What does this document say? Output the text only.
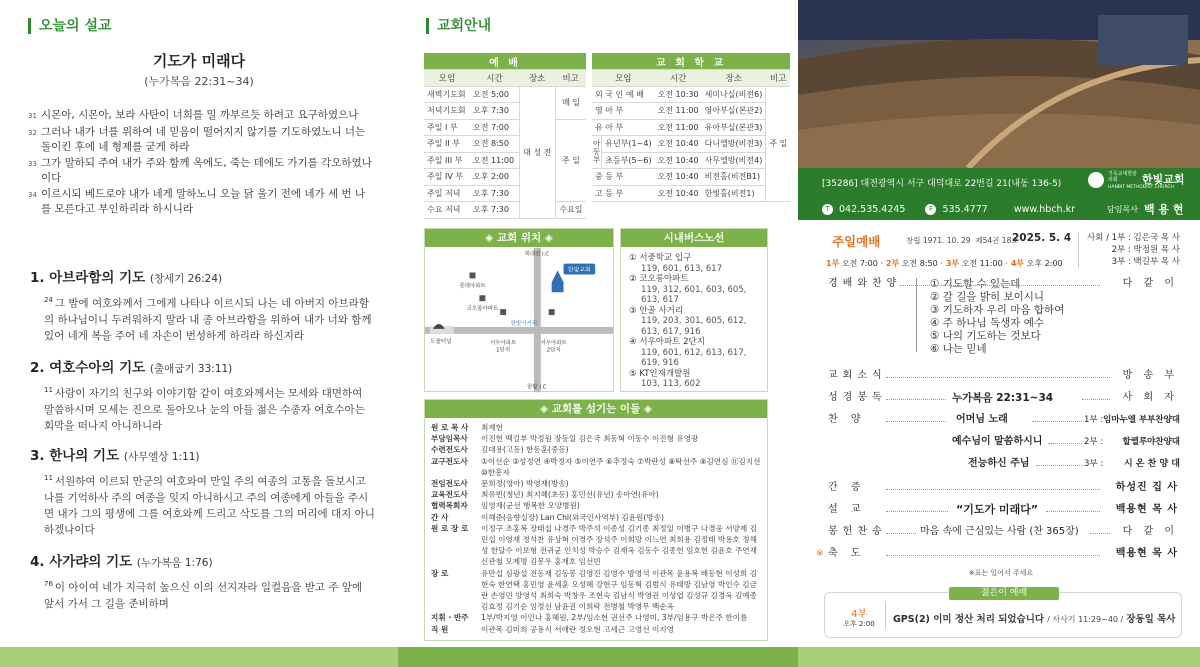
오늘의 설교
기도가 미래다
(누가복음 22:31~34)
31 시몬아, 시몬아, 보라 사탄이 너희를 밀 까부르듯 하려고 요구하였으나
32 그러나 내가 너를 위하여 네 믿음이 떨어지지 않기를 기도하였노니 너는 돌이킨 후에 네 형제를 굳게 하라
33 그가 말하되 주여 내가 주와 함께 옥에도, 죽는 데에도 가기를 각오하였나이다
34 이르시되 베드로야 내가 네게 말하노니 오늘 닭 울기 전에 네가 세 번 나를 모른다고 부인하리라 하시니라
1. 아브라함의 기도 (창세기 26:24)
$^{24}$ 그 밤에 여호와께서 그에게 나타나 이르시되 나는 네 아버지 아브라함의 하나님이니 두려워하지 말라 내 종 아브라함을 위하여 내가 너와 함께 있어 네게 복을 주어 네 자손이 번성하게 하리라 하신지라
2. 여호수아의 기도 (출애굽기 33:11)
$^{11}$ 사람이 자기의 친구와 이야기함 같이 여호와께서는 모세와 대면하여 말씀하시며 모세는 진으로 돌아오나 눈의 아들 젊은 수종자 여호수아는 회막을 떠나지 아니하니라
3. 한나의 기도 (사무엘상 1:11)
$^{11}$ 서원하여 이르되 만군의 여호와여 만일 주의 여종의 고통을 돌보시고 나를 기억하사 주의 여종을 잊지 아니하시고 주의 여종에게 아들을 주시면 내가 그의 평생에 그를 여호와께 드리고 삭도를 그의 머리에 대지 아니하겠나이다
4. 사가랴의 기도 (누가복음 1:76)
$^{76}$ 이 아이여 네가 지극히 높으신 이의 선지자라 일컬음을 받고 주 앞에 앞서 가서 그 길을 준비하며
교회안내
예 배			
모임	시간	장소	비고
새벽기도회	오전 5:00	대 성 전	매 일
저녁기도회	오후 7:30		
주일 I 부	오전 7:00		주 일
주일 II 부	오전 8:50		
주일 III 부	오전 11:00		
주일 IV 부	오후 2:00		
주일 저녁	오후 7:30		
수요 저녁	오후 7:30		수요일
교 회 학 교				
모임		시간	장소	비고
외 국 인 예 배		오전 10:30	세미나실(비전6)	주 일
영 아 부		오전 11:00	영아부실(본관2)	
유 아 부		오전 11:00	유아부실(본관3)	
아동부	유년부(1~4)	오전 10:40	다니엘방(비전3)	
	초등부(5~6)	오전 10:40	사무엘방(비전4)	
중 등 부		오전 10:40	비전홀(비전B1)	
고 등 부		오전 10:40	한빛홀(비전1)	
◈ 교회 위치 ◈
한빛교회
북대전 I.C
한밭 I.C
롯데아파트
코오롱아파트
서우아파트 1단지
서우아파트 2단지
도솔터널
한밭사거리
시내버스노선
① 서중학교 입구
119, 601, 613, 617
② 코오롱아파트
119, 312, 601, 603, 605, 613, 617
③ 안골 사거리
119, 203, 301, 605, 612, 613, 617, 916
④ 서우아파트 2단지
119, 601, 612, 613, 617, 619, 916
⑤ KT인재개발원
103, 113, 602
◈ 교회를 섬기는 이들 ◈
원 로 목 사	최재헌
부담임목사	이진헌 백길부 박정원 장동일 김은국 최동혁 이동수 이진형 유영광
수련전도사	김대용(고등) 한동훈(중등)
교구전도사	①이선순 ③성정연 ④박정자 ⑤이연주 ⑥추정숙 ⑦박란성 ⑧탁선주 ⑨김연심 ⑪김지선 ⑩한흥자
전임전도사	문희정(영아) 박영재(방송)
교육전도사	최유빈(청년) 최지혜(초등) 홍민선(유년) 송아연(유아)
협력목회자	임영재(군선 행복한 오양병원)
간 사	이해준(음향실장) Lan Chi(외국인사역부) 김윤원(방송)
원 로 장 로	이정구 조홍복 장태섭 나경주 박주석 이종성 김기종 최정일 이병구 나경웅 서양제 김민섭 이영재 정석찬 유상혁 이경주 장석주 이희망 이느연 최희용 김정태 박용호 정해성 한달수 이보형 전귀균 인치성 박승수 김재옥 김동수 김종헌 임호헌 김윤호 주연재 신관철 모제명 김봉우 홍재호 임선빈
장 로	유만섭 심광섭 전동재 김동봉 김영진 김영수 방영석 이관목 윤용복 배동현 이성희 김현숙 한연택 홍민영 윤세훈 오성혜 강현구 임동혁 김범식 유태방 김남영 박인수 김금란 손영민 양영석 최희숙 박창우 조현숙 김남식 박영권 이성엽 김성규 김경욱 김예종 김효정 김기순 임정선 남윤권 이희락 전병철 박영무 백순옥
지휘 · 반주	1부/박지영 이인나 홍혜원, 2부/임소현 권선주 나영미, 3부/임용구 박은주 한이름
직 원	이관목 김미희 공용식 서애란 정오현 고세근 고영선 이지영
[35286] 대전광역시 서구 대덕대로 22번길 21(내동 136-5)
기독교대한감리회	한빛교회
HANBIT METHODIST CHURCH
T 042.535.4245	F 535.4777	www.hbch.kr	담임목사 백 용 현
주일예배	창립 1971. 10. 29 제54권 18호
2025. 5. 4
1부 오전 7:00 · 2부 오전 8:50 · 3부 오전 11:00 · 4부 오후 2:00
사회 / 1부 : 김은국 목 사
2부 : 박정원 목 사
3부 : 백길부 목 사
경배와찬양	다 같 이
① 기도할 수 있는데
② 갈 길을 밝히 보이시니
③ 기도하자 우리 마음 합하여
④ 주 하나님 독생자 예수
⑤ 나의 기도하는 것보다
⑥ 나는 믿네
교회소식	방 송 부
성경봉독	누가복음 22:31~34	사 회 자
찬 양	어머님 노래	1부 : 임마누엘 부부찬양대
예수님이 말씀하시니	2부 : 할렐루야찬양대
전능하신 주님	3부 : 시 온 찬 양 대
간 증	하성진 집 사
설 교	“기도가 미래다”	백용현 목 사
봉헌찬송	마음 속에 근심있는 사람 (찬 365장)	다 같 이
※ 축 도	백용현 목 사
※표는 일어서 주세요
젊은이 예배
4부
오후 2:00	GPS(2) 이미 정산 처리 되었습니다 / 사사기 11:29~40 / 장동일 목사
